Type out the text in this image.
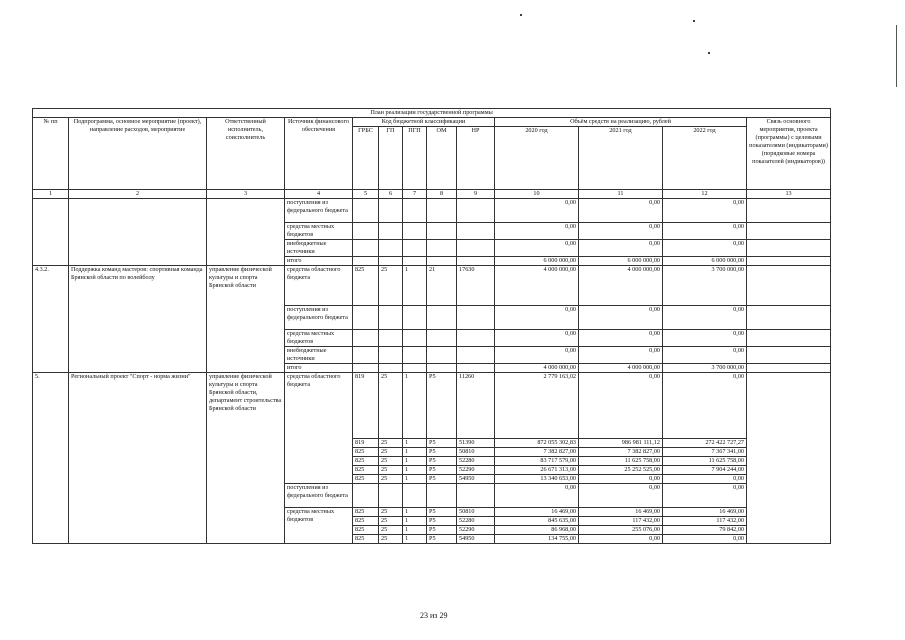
План реализации государственной программы												
№ пп	Подпрограмма, основное мероприятие (проект), направление расходов, мероприятие	Ответственный исполнитель, соисполнитель	Источник финансового обеспечения	Код бюджетной классификации					Объём средств на реализацию, рублей			Связь основного мероприятия, проекта (программы) с целевыми показателями (индикаторами) (порядковые номера показателей (индикаторов))
				ГРБС	ГП	ПГП	ОМ	НР	2020 год	2021 год	2022 год	
1	2	3	4	5	6	7	8	9	10	11	12	13
			поступления из федерального бюджета						0,00	0,00	0,00	
			средства местных бюджетов						0,00	0,00	0,00	
			внебюджетные источники						0,00	0,00	0,00	
			итого						6 000 000,00	6 000 000,00	6 000 000,00	
4.3.2.	Поддержка команд мастеров: спортивная команда Брянской области по волейболу	управление физической культуры и спорта Брянской области	средства областного бюджета	825	25	1	21	17630	4 000 000,00	4 000 000,00	3 700 000,00	
			поступления из федерального бюджета						0,00	0,00	0,00	
			средства местных бюджетов						0,00	0,00	0,00	
			внебюджетные источники						0,00	0,00	0,00	
			итого						4 000 000,00	4 000 000,00	3 700 000,00	
5.	Региональный проект "Спорт - норма жизни"	управление физической культуры и спорта Брянской области, департамент строительства Брянской области	средства областного бюджета	819	25	1	P5	11260	2 779 163,02	0,00	0,00	
				819	25	1	P5	51390	872 055 302,83	986 981 111,12	272 422 727,27	
				825	25	1	P5	50810	7 382 827,00	7 382 827,00	7 367 341,00	
				825	25	1	P5	52280	83 717 579,00	11 625 758,00	11 625 758,00	
				825	25	1	P5	52290	26 671 313,00	25 252 525,00	7 904 244,00	
				825	25	1	P5	54950	13 340 653,00	0,00	0,00	
			поступления из федерального бюджета						0,00	0,00	0,00	
			средства местных бюджетов	825	25	1	P5	50810	16 469,00	16 469,00	16 469,00	
				825	25	1	P5	52280	845 635,00	117 432,00	117 432,00	
				825	25	1	P5	52290	86 968,00	255 076,00	79 842,00	
				825	25	1	P5	54950	134 755,00	0,00	0,00	
23 из 29
